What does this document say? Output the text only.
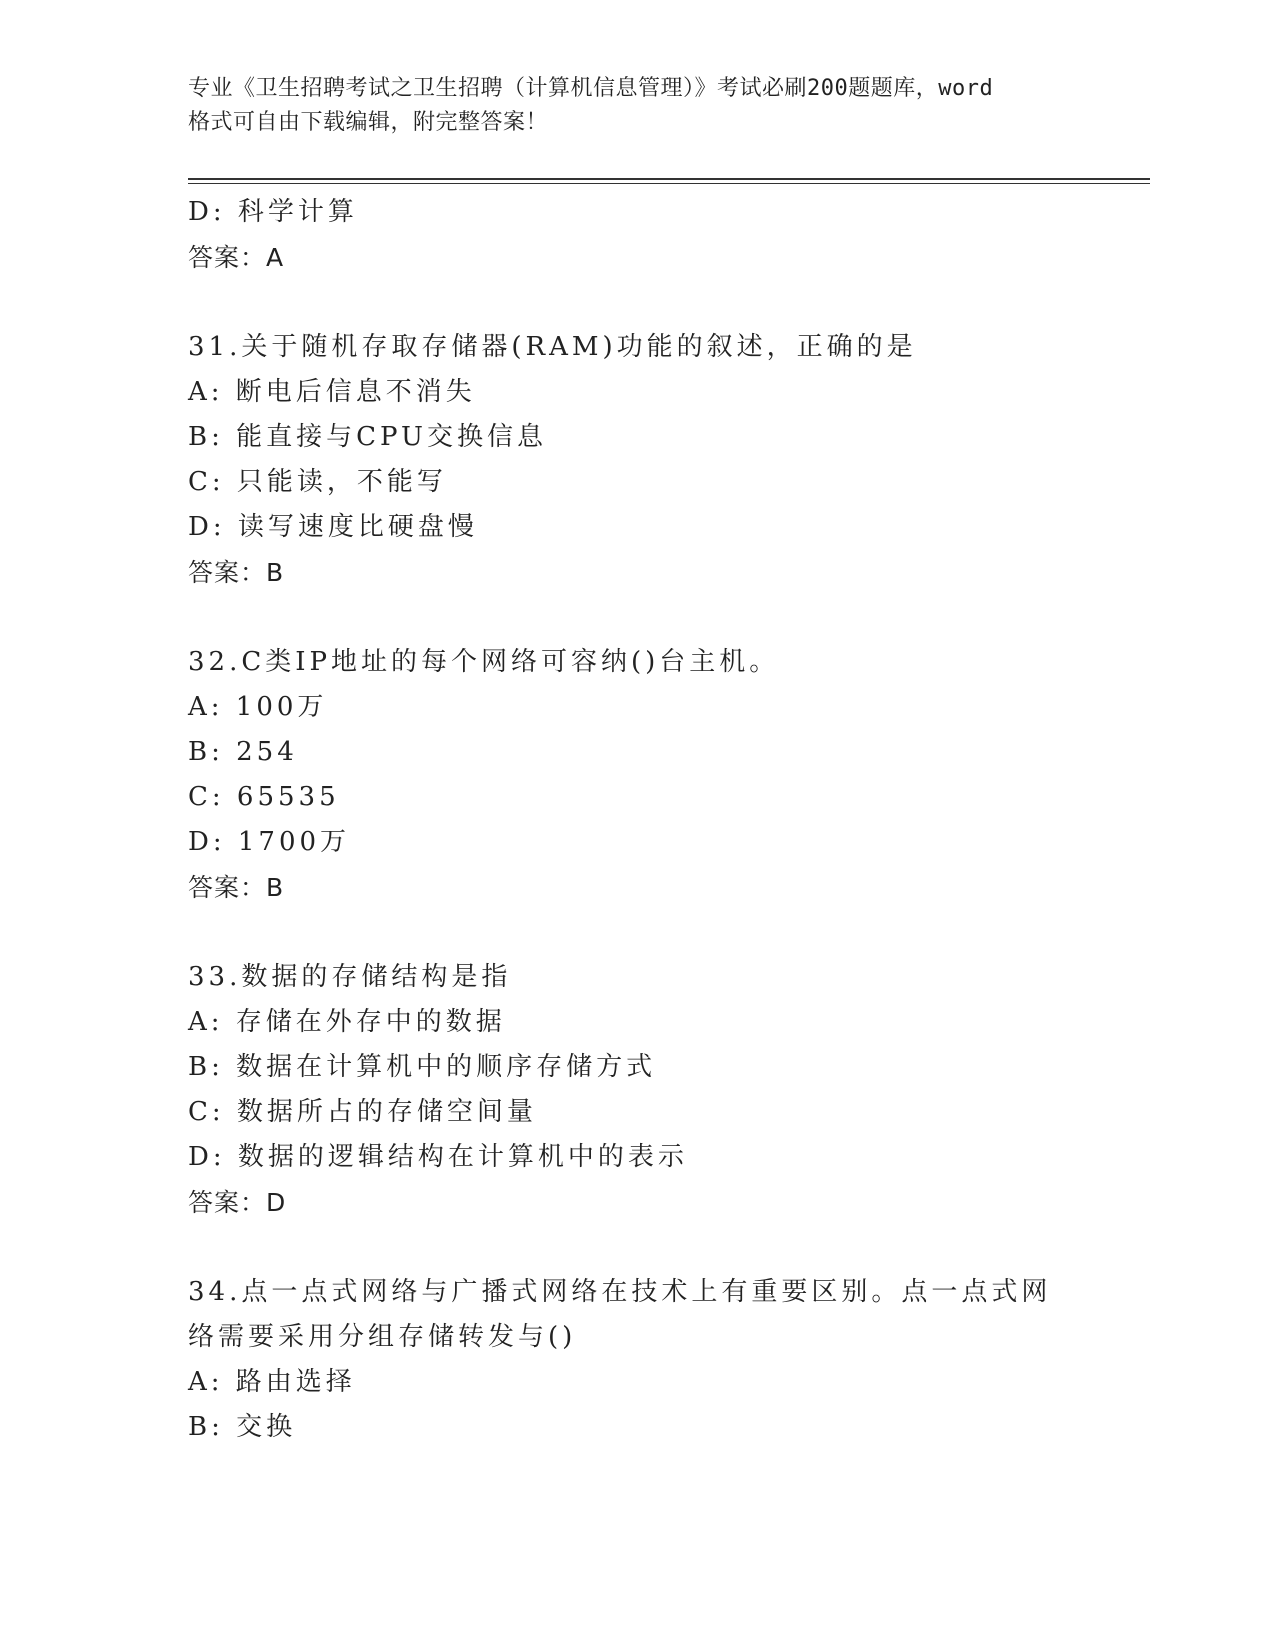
专业《卫生招聘考试之卫生招聘（计算机信息管理）》考试必刷200题题库，word
格式可自由下载编辑，附完整答案！
D: 科学计算
答案：A
31.关于随机存取存储器(RAM)功能的叙述，正确的是
A: 断电后信息不消失
B: 能直接与CPU交换信息
C: 只能读，不能写
D: 读写速度比硬盘慢
答案：B
32.C类IP地址的每个网络可容纳()台主机。
A: 100万
B: 254
C: 65535
D: 1700万
答案：B
33.数据的存储结构是指
A: 存储在外存中的数据
B: 数据在计算机中的顺序存储方式
C: 数据所占的存储空间量
D: 数据的逻辑结构在计算机中的表示
答案：D
34.点一点式网络与广播式网络在技术上有重要区别。点一点式网络需要采用分组存储转发与()
A: 路由选择
B: 交换
